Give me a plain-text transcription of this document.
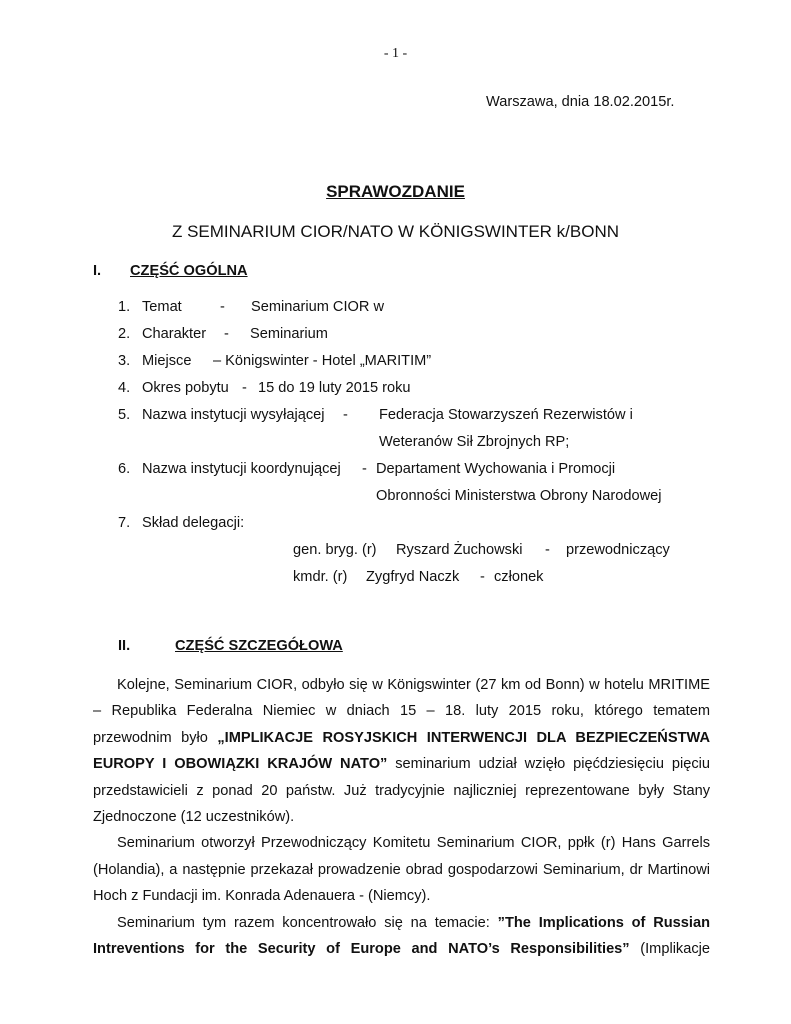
- 1 -
Warszawa, dnia 18.02.2015r.
SPRAWOZDANIE
Z SEMINARIUM CIOR/NATO W KÖNIGSWINTER k/BONN
I. CZĘŚĆ OGÓLNA
1. Temat	- Seminarium CIOR w
2. Charakter - Seminarium
3. Miejsce – Königswinter - Hotel „MARITIM”
4. Okres pobytu - 15 do 19 luty 2015 roku
5. Nazwa instytucji wysyłającej - Federacja Stowarzyszeń Rezerwistów i
Weteranów Sił Zbrojnych RP;
6. Nazwa instytucji koordynującej - Departament Wychowania i Promocji
Obronności Ministerstwa Obrony Narodowej
7. Skład delegacji:
gen. bryg. (r) Ryszard Żuchowski - przewodniczący
kmdr. (r) Zygfryd Naczk - członek
II.	CZĘŚĆ SZCZEGÓŁOWA

Kolejne, Seminarium CIOR, odbyło się w Königswinter (27 km od Bonn) w hotelu MRITIME – Republika Federalna Niemiec w dniach 15 – 18. luty 2015 roku, którego tematem przewodnim było „IMPLIKACJE ROSYJSKICH INTERWENCJI DLA BEZPIECZEŃSTWA EUROPY I OBOWIĄZKI KRAJÓW NATO” seminarium udział wzięło pięćdziesięciu pięciu przedstawicieli z ponad 20 państw. Już tradycyjnie najliczniej reprezentowane były Stany Zjednoczone (12 uczestników).

Seminarium otworzył Przewodniczący Komitetu Seminarium CIOR, ppłk (r) Hans Garrels (Holandia), a następnie przekazał prowadzenie obrad gospodarzowi Seminarium, dr Martinowi Hoch z Fundacji im. Konrada Adenauera - (Niemcy).

Seminarium tym razem koncentrowało się na temacie: ”The Implications of Russian Intreventions for the Security of Europe and NATO’s Responsibilities” (Implikacje
